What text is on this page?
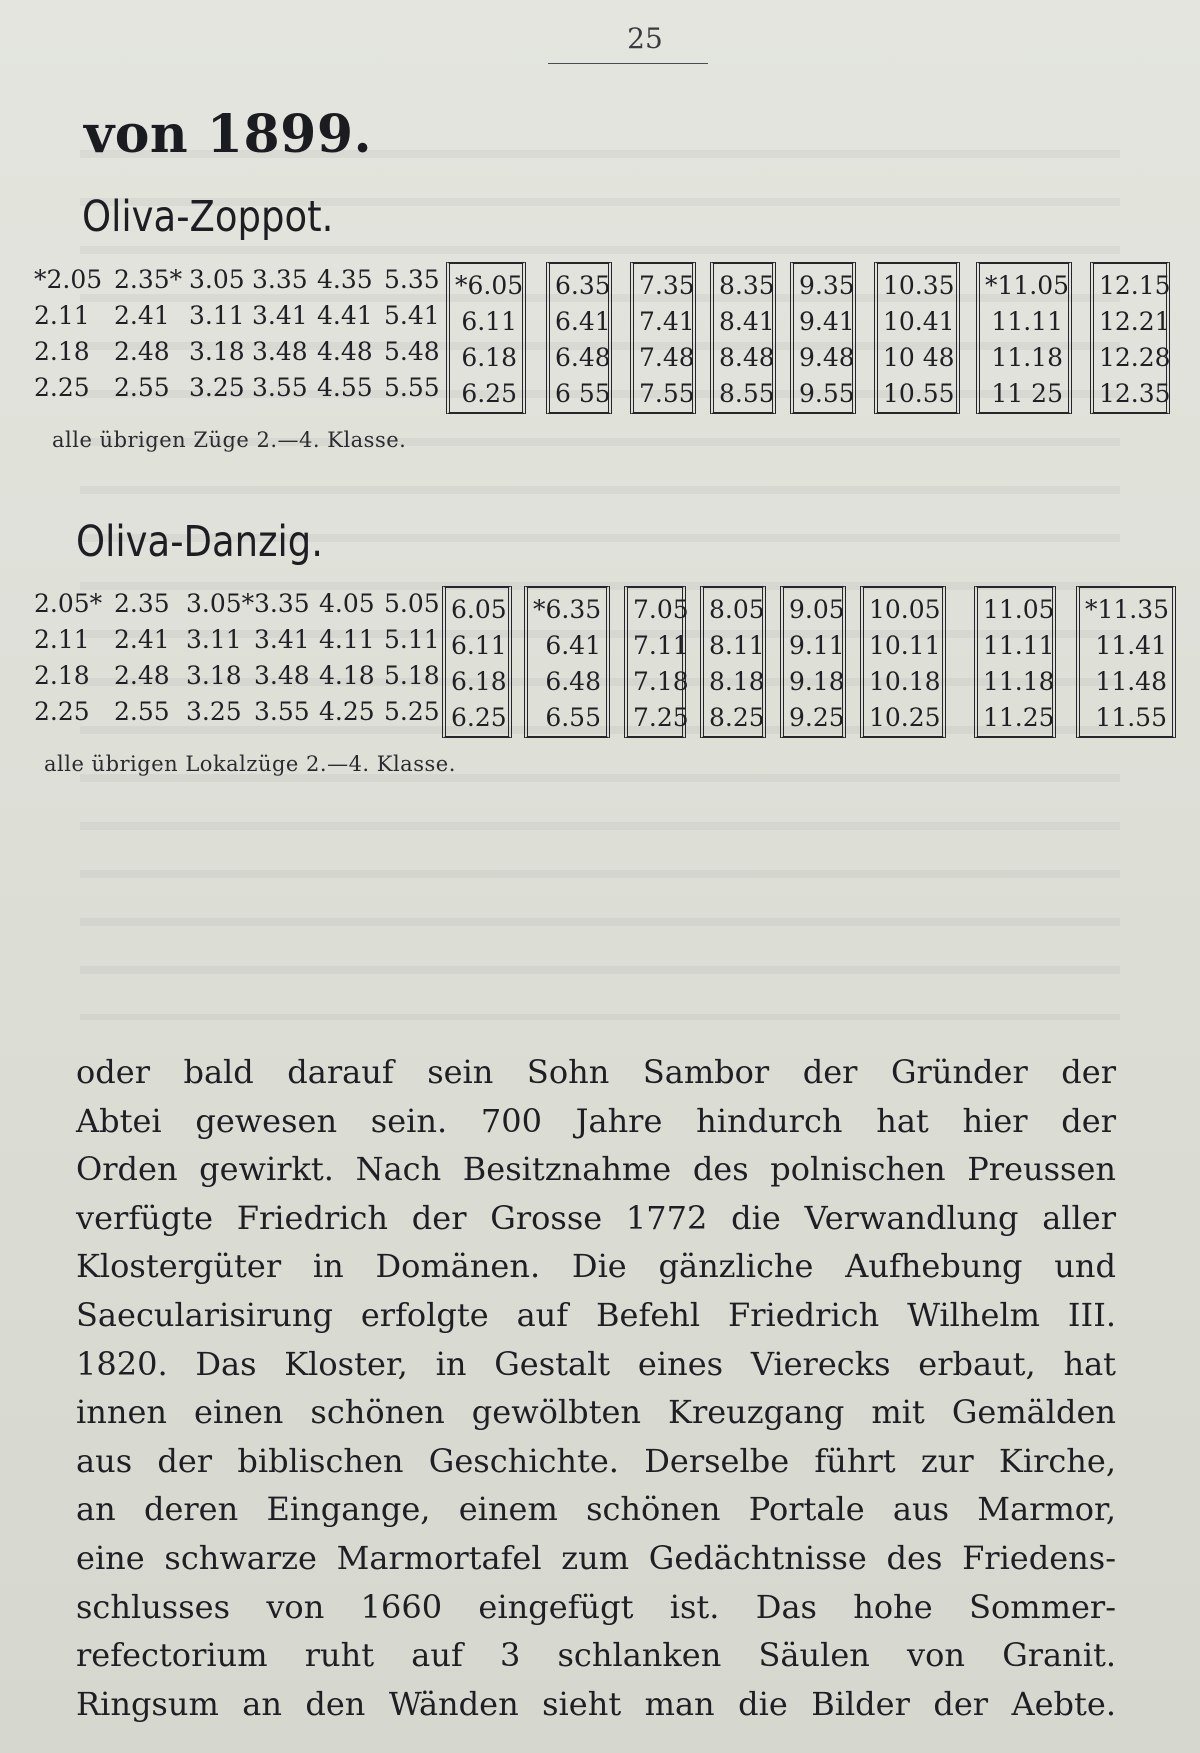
25
von 1899.
Oliva-Zoppot.
*2.05
2.11
2.18
2.25
2.35*
2.41
2.48
2.55
3.05
3.11
3.18
3.25
3.35
3.41
3.48
3.55
4.35
4.41
4.48
4.55
5.35
5.41
5.48
5.55
*6.05
6.11
6.18
6.25
6.35
6.41
6.48
6 55
7.35
7.41
7.48
7.55
8.35
8.41
8.48
8.55
9.35
9.41
9.48
9.55
10.35
10.41
10 48
10.55
*11.05
11.11
11.18
11 25
12.15
12.21
12.28
12.35
alle übrigen Züge 2.—4. Klasse.
Oliva-Danzig.
2.05*
2.11
2.18
2.25
2.35
2.41
2.48
2.55
3.05*
3.11
3.18
3.25
3.35
3.41
3.48
3.55
4.05
4.11
4.18
4.25
5.05
5.11
5.18
5.25
6.05
6.11
6.18
6.25
*6.35
6.41
6.48
6.55
7.05
7.11
7.18
7.25
8.05
8.11
8.18
8.25
9.05
9.11
9.18
9.25
10.05
10.11
10.18
10.25
11.05
11.11
11.18
11.25
*11.35
11.41
11.48
11.55
alle übrigen Lokalzüge 2.—4. Klasse.
oder bald darauf sein Sohn Sambor der Gründer der
Abtei gewesen sein. 700 Jahre hindurch hat hier der
Orden gewirkt. Nach Besitznahme des polnischen Preussen
verfügte Friedrich der Grosse 1772 die Verwandlung aller
Klostergüter in Domänen. Die gänzliche Aufhebung und
Saecularisirung erfolgte auf Befehl Friedrich Wilhelm III.
1820. Das Kloster, in Gestalt eines Vierecks erbaut, hat
innen einen schönen gewölbten Kreuzgang mit Gemälden
aus der biblischen Geschichte. Derselbe führt zur Kirche,
an deren Eingange, einem schönen Portale aus Marmor,
eine schwarze Marmortafel zum Gedächtnisse des Friedens-
schlusses von 1660 eingefügt ist. Das hohe Sommer-
refectorium ruht auf 3 schlanken Säulen von Granit.
Ringsum an den Wänden sieht man die Bilder der Aebte.
